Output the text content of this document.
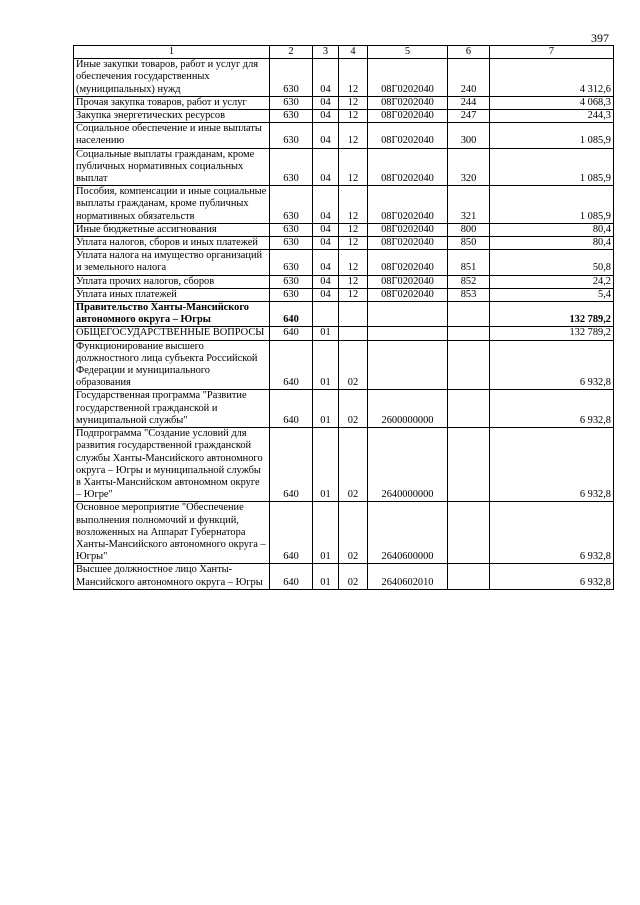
397
1	2	3	4	5	6	7
Иные закупки товаров, работ и услуг для обеспечения государственных (муниципальных) нужд	630	04	12	08Г0202040	240	4 312,6
Прочая закупка товаров, работ и услуг	630	04	12	08Г0202040	244	4 068,3
Закупка энергетических ресурсов	630	04	12	08Г0202040	247	244,3
Социальное обеспечение и иные выплаты населению	630	04	12	08Г0202040	300	1 085,9
Социальные выплаты гражданам, кроме публичных нормативных социальных выплат	630	04	12	08Г0202040	320	1 085,9
Пособия, компенсации и иные социальные выплаты гражданам, кроме публичных нормативных обязательств	630	04	12	08Г0202040	321	1 085,9
Иные бюджетные ассигнования	630	04	12	08Г0202040	800	80,4
Уплата налогов, сборов и иных платежей	630	04	12	08Г0202040	850	80,4
Уплата налога на имущество организаций и земельного налога	630	04	12	08Г0202040	851	50,8
Уплата прочих налогов, сборов	630	04	12	08Г0202040	852	24,2
Уплата иных платежей	630	04	12	08Г0202040	853	5,4
Правительство Ханты-Мансийского автономного округа – Югры	640					132 789,2
ОБЩЕГОСУДАРСТВЕННЫЕ ВОПРОСЫ	640	01				132 789,2
Функционирование высшего должностного лица субъекта Российской Федерации и муниципального образования	640	01	02			6 932,8
Государственная программа "Развитие государственной гражданской и муниципальной службы"	640	01	02	2600000000		6 932,8
Подпрограмма "Создание условий для развития государственной гражданской службы Ханты-Мансийского автономного округа – Югры и муниципальной службы в Ханты-Мансийском автономном округе – Югре"	640	01	02	2640000000		6 932,8
Основное мероприятие "Обеспечение выполнения полномочий и функций, возложенных на Аппарат Губернатора Ханты-Мансийского автономного округа – Югры"	640	01	02	2640600000		6 932,8
Высшее должностное лицо Ханты-Мансийского автономного округа – Югры	640	01	02	2640602010		6 932,8
